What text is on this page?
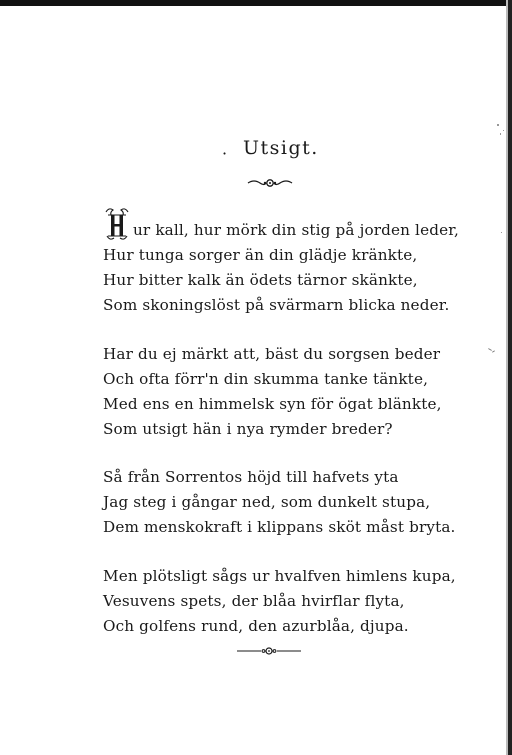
· Utsigt.
ur kall, hur mörk din stig på jorden leder,
Hur tunga sorger än din glädje kränkte,
Hur bitter kalk än ödets tärnor skänkte,
Som skoningslöst på svärmarn blicka neder.
Har du ej märkt att, bäst du sorgsen beder
Och ofta förr'n din skumma tanke tänkte,
Med ens en himmelsk syn för ögat blänkte,
Som utsigt hän i nya rymder breder?
Så från Sorrentos höjd till hafvets yta
Jag steg i gångar ned, som dunkelt stupa,
Dem menskokraft i klippans sköt måst bryta.
Men plötsligt sågs ur hvalfven himlens kupa,
Vesuvens spets, der blåa hvirflar flyta,
Och golfens rund, den azurblåa, djupa.
